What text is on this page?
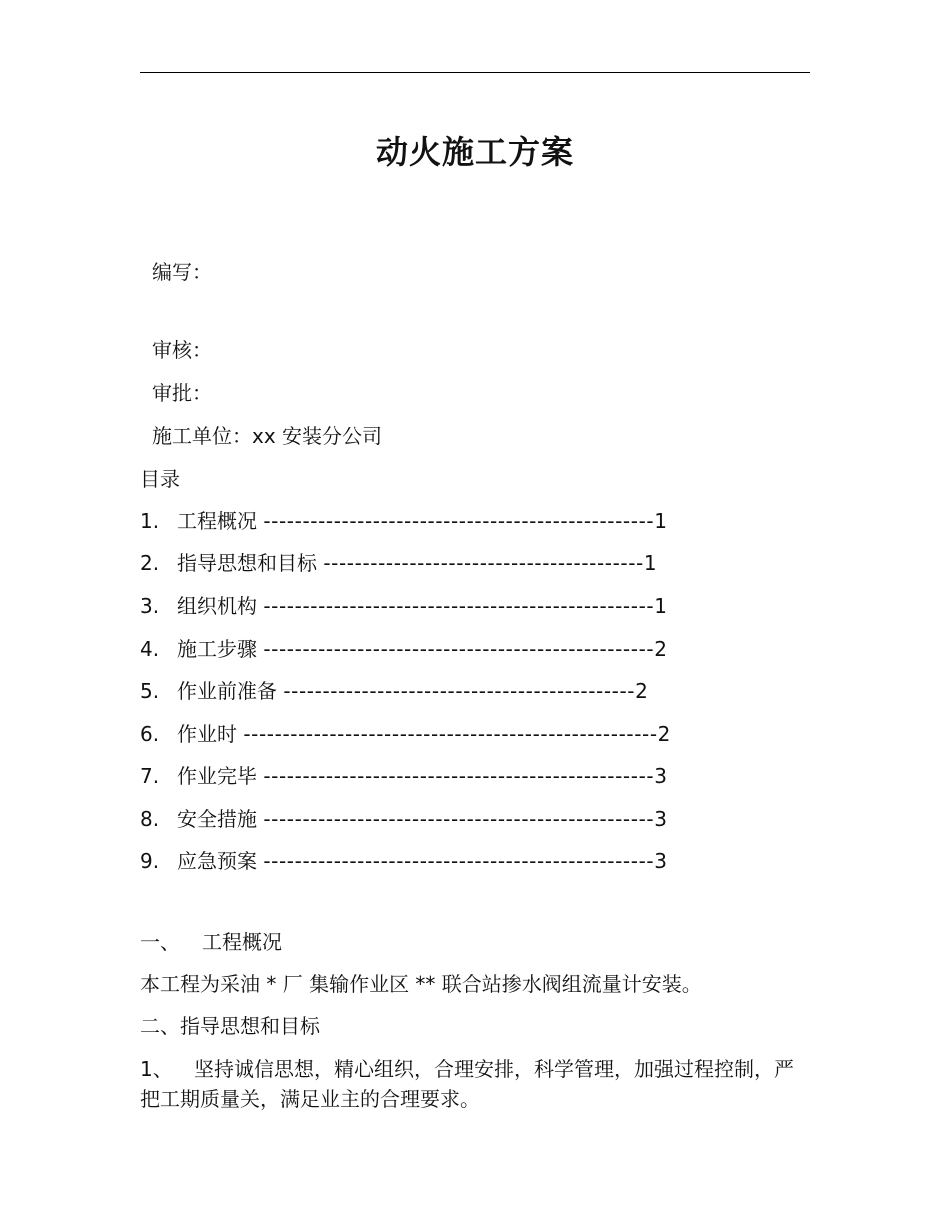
动火施工方案
编写：
审核：
审批：
施工单位：xx 安装分公司
目录
1. 工程概况 --------------------------------------------------1
2. 指导思想和目标 -----------------------------------------1
3. 组织机构 --------------------------------------------------1
4. 施工步骤 --------------------------------------------------2
5. 作业前准备 ---------------------------------------------2
6. 作业时 -----------------------------------------------------2
7. 作业完毕 --------------------------------------------------3
8. 安全措施 --------------------------------------------------3
9. 应急预案 --------------------------------------------------3
一、 工程概况
本工程为采油 * 厂 集输作业区 ** 联合站掺水阀组流量计安装。
二、指导思想和目标
1、 坚持诚信思想，精心组织，合理安排，科学管理，加强过程控制，严把工期质量关，满足业主的合理要求。
